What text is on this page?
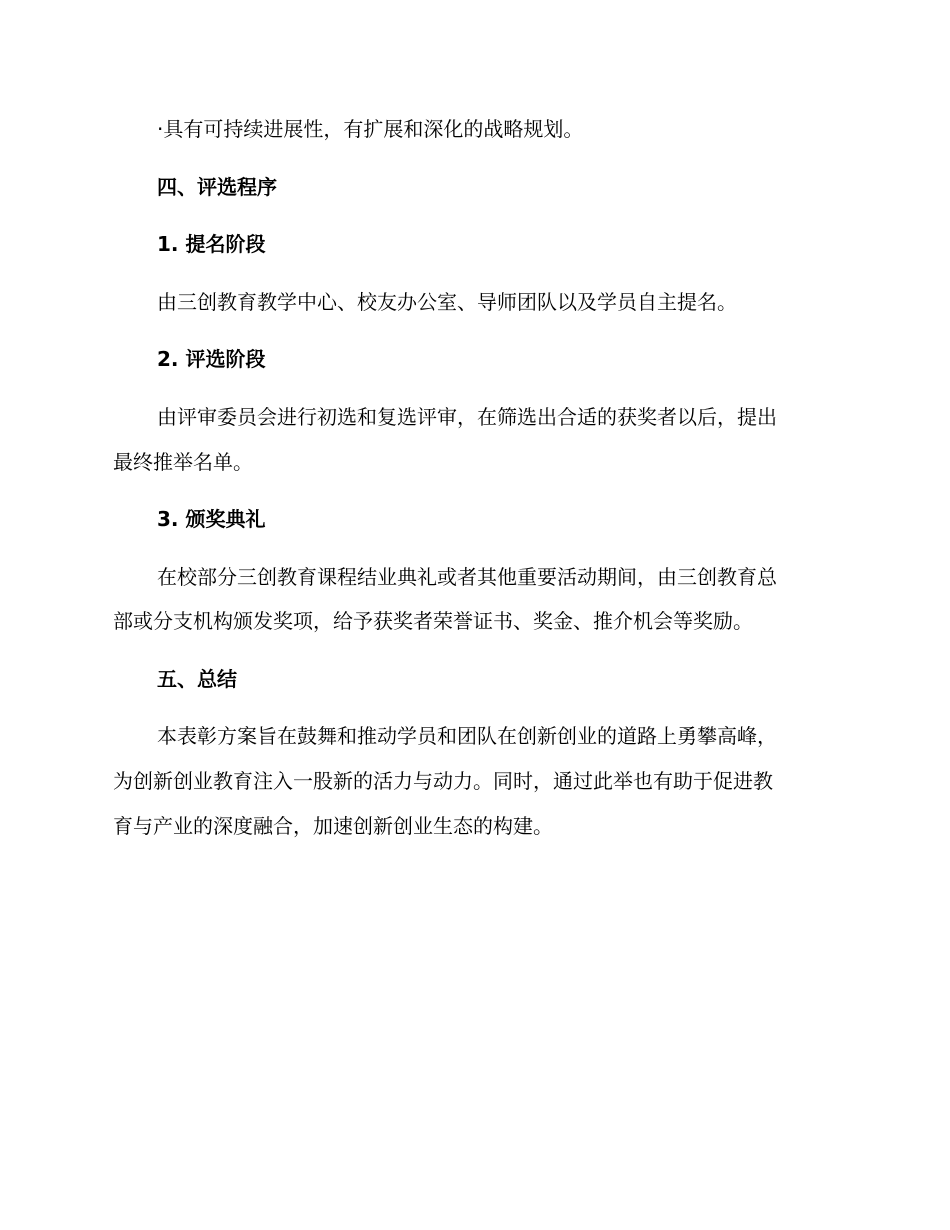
·具有可持续进展性，有扩展和深化的战略规划。
四、评选程序
1. 提名阶段
由三创教育教学中心、校友办公室、导师团队以及学员自主提名。
2. 评选阶段
由评审委员会进行初选和复选评审，在筛选出合适的获奖者以后，提出
最终推举名单。
3. 颁奖典礼
在校部分三创教育课程结业典礼或者其他重要活动期间，由三创教育总
部或分支机构颁发奖项，给予获奖者荣誉证书、奖金、推介机会等奖励。
五、总结
本表彰方案旨在鼓舞和推动学员和团队在创新创业的道路上勇攀高峰，
为创新创业教育注入一股新的活力与动力。同时，通过此举也有助于促进教
育与产业的深度融合，加速创新创业生态的构建。
